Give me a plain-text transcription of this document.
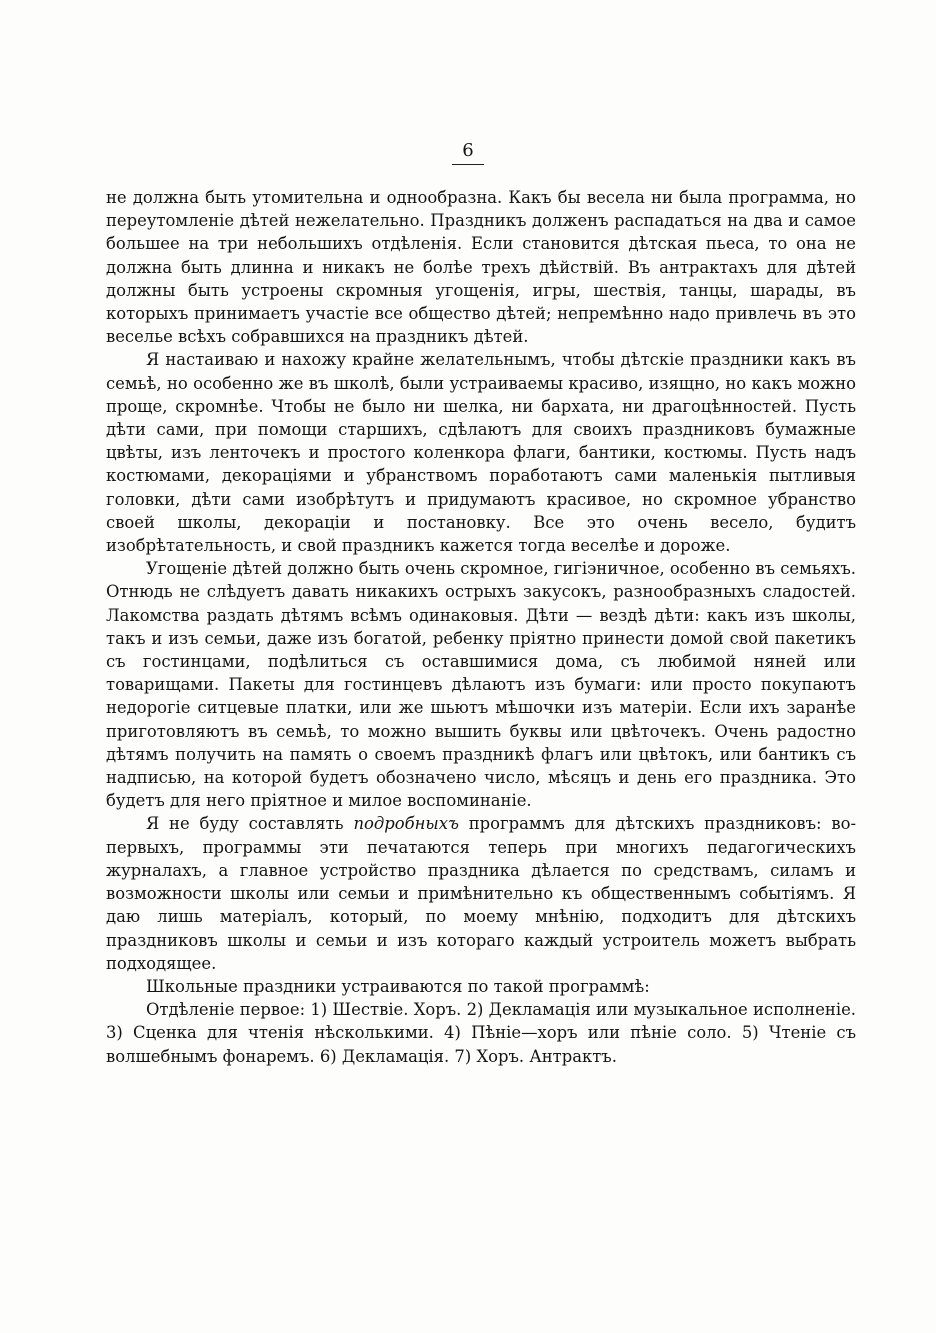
6

не должна быть утомительна и однообразна. Какъ бы весела ни была программа, но переутомленіе дѣтей нежелательно. Праздникъ долженъ распадаться на два и самое большее на три небольшихъ отдѣленія. Если становится дѣтская пьеса, то она не должна быть длинна и никакъ не болѣе трехъ дѣйствій. Въ антрактахъ для дѣтей должны быть устроены скромныя угощенія, игры, шествія, танцы, шарады, въ которыхъ принимаетъ участіе все общество дѣтей; непремѣнно надо привлечь въ это веселье всѣхъ собравшихся на праздникъ дѣтей.

Я настаиваю и нахожу крайне желательнымъ, чтобы дѣтскіе праздники какъ въ семьѣ, но особенно же въ школѣ, были устраиваемы красиво, изящно, но какъ можно проще, скромнѣе. Чтобы не было ни шелка, ни бархата, ни драгоцѣнностей. Пусть дѣти сами, при помощи старшихъ, сдѣлаютъ для своихъ праздниковъ бумажные цвѣты, изъ ленточекъ и простого коленкора флаги, бантики, костюмы. Пусть надъ костюмами, декораціями и убранствомъ поработаютъ сами маленькія пытливыя головки, дѣти сами изобрѣтутъ и придумаютъ красивое, но скромное убранство своей школы, декораціи и постановку. Все это очень весело, будитъ изобрѣтательность, и свой праздникъ кажется тогда веселѣе и дороже.

Угощеніе дѣтей должно быть очень скромное, гигіэничное, особенно въ семьяхъ. Отнюдь не слѣдуетъ давать никакихъ острыхъ закусокъ, разнообразныхъ сладостей. Лакомства раздать дѣтямъ всѣмъ одинаковыя. Дѣти — вездѣ дѣти: какъ изъ школы, такъ и изъ семьи, даже изъ богатой, ребенку пріятно принести домой свой пакетикъ съ гостинцами, подѣлиться съ оставшимися дома, съ любимой няней или товарищами. Пакеты для гостинцевъ дѣлаютъ изъ бумаги: или просто покупаютъ недорогіе ситцевые платки, или же шьютъ мѣшочки изъ матеріи. Если ихъ заранѣе приготовляютъ въ семьѣ, то можно вышить буквы или цвѣточекъ. Очень радостно дѣтямъ получить на память о своемъ праздникѣ флагъ или цвѣтокъ, или бантикъ съ надписью, на которой будетъ обозначено число, мѣсяцъ и день его праздника. Это будетъ для него пріятное и милое воспоминаніе.

Я не буду составлять подробныхъ программъ для дѣтскихъ праздниковъ: во-первыхъ, программы эти печатаются теперь при многихъ педагогическихъ журналахъ, а главное устройство праздника дѣлается по средствамъ, силамъ и возможности школы или семьи и примѣнительно къ общественнымъ событіямъ. Я даю лишь матеріалъ, который, по моему мнѣнію, подходитъ для дѣтскихъ праздниковъ школы и семьи и изъ котораго каждый устроитель можетъ выбрать подходящее.

Школьные праздники устраиваются по такой программѣ:

Отдѣленіе первое: 1) Шествіе. Хоръ. 2) Декламація или музыкальное исполненіе. 3) Сценка для чтенія нѣсколькими. 4) Пѣніе—хоръ или пѣніе соло. 5) Чтеніе съ волшебнымъ фонаремъ. 6) Декламація. 7) Хоръ. Антрактъ.
